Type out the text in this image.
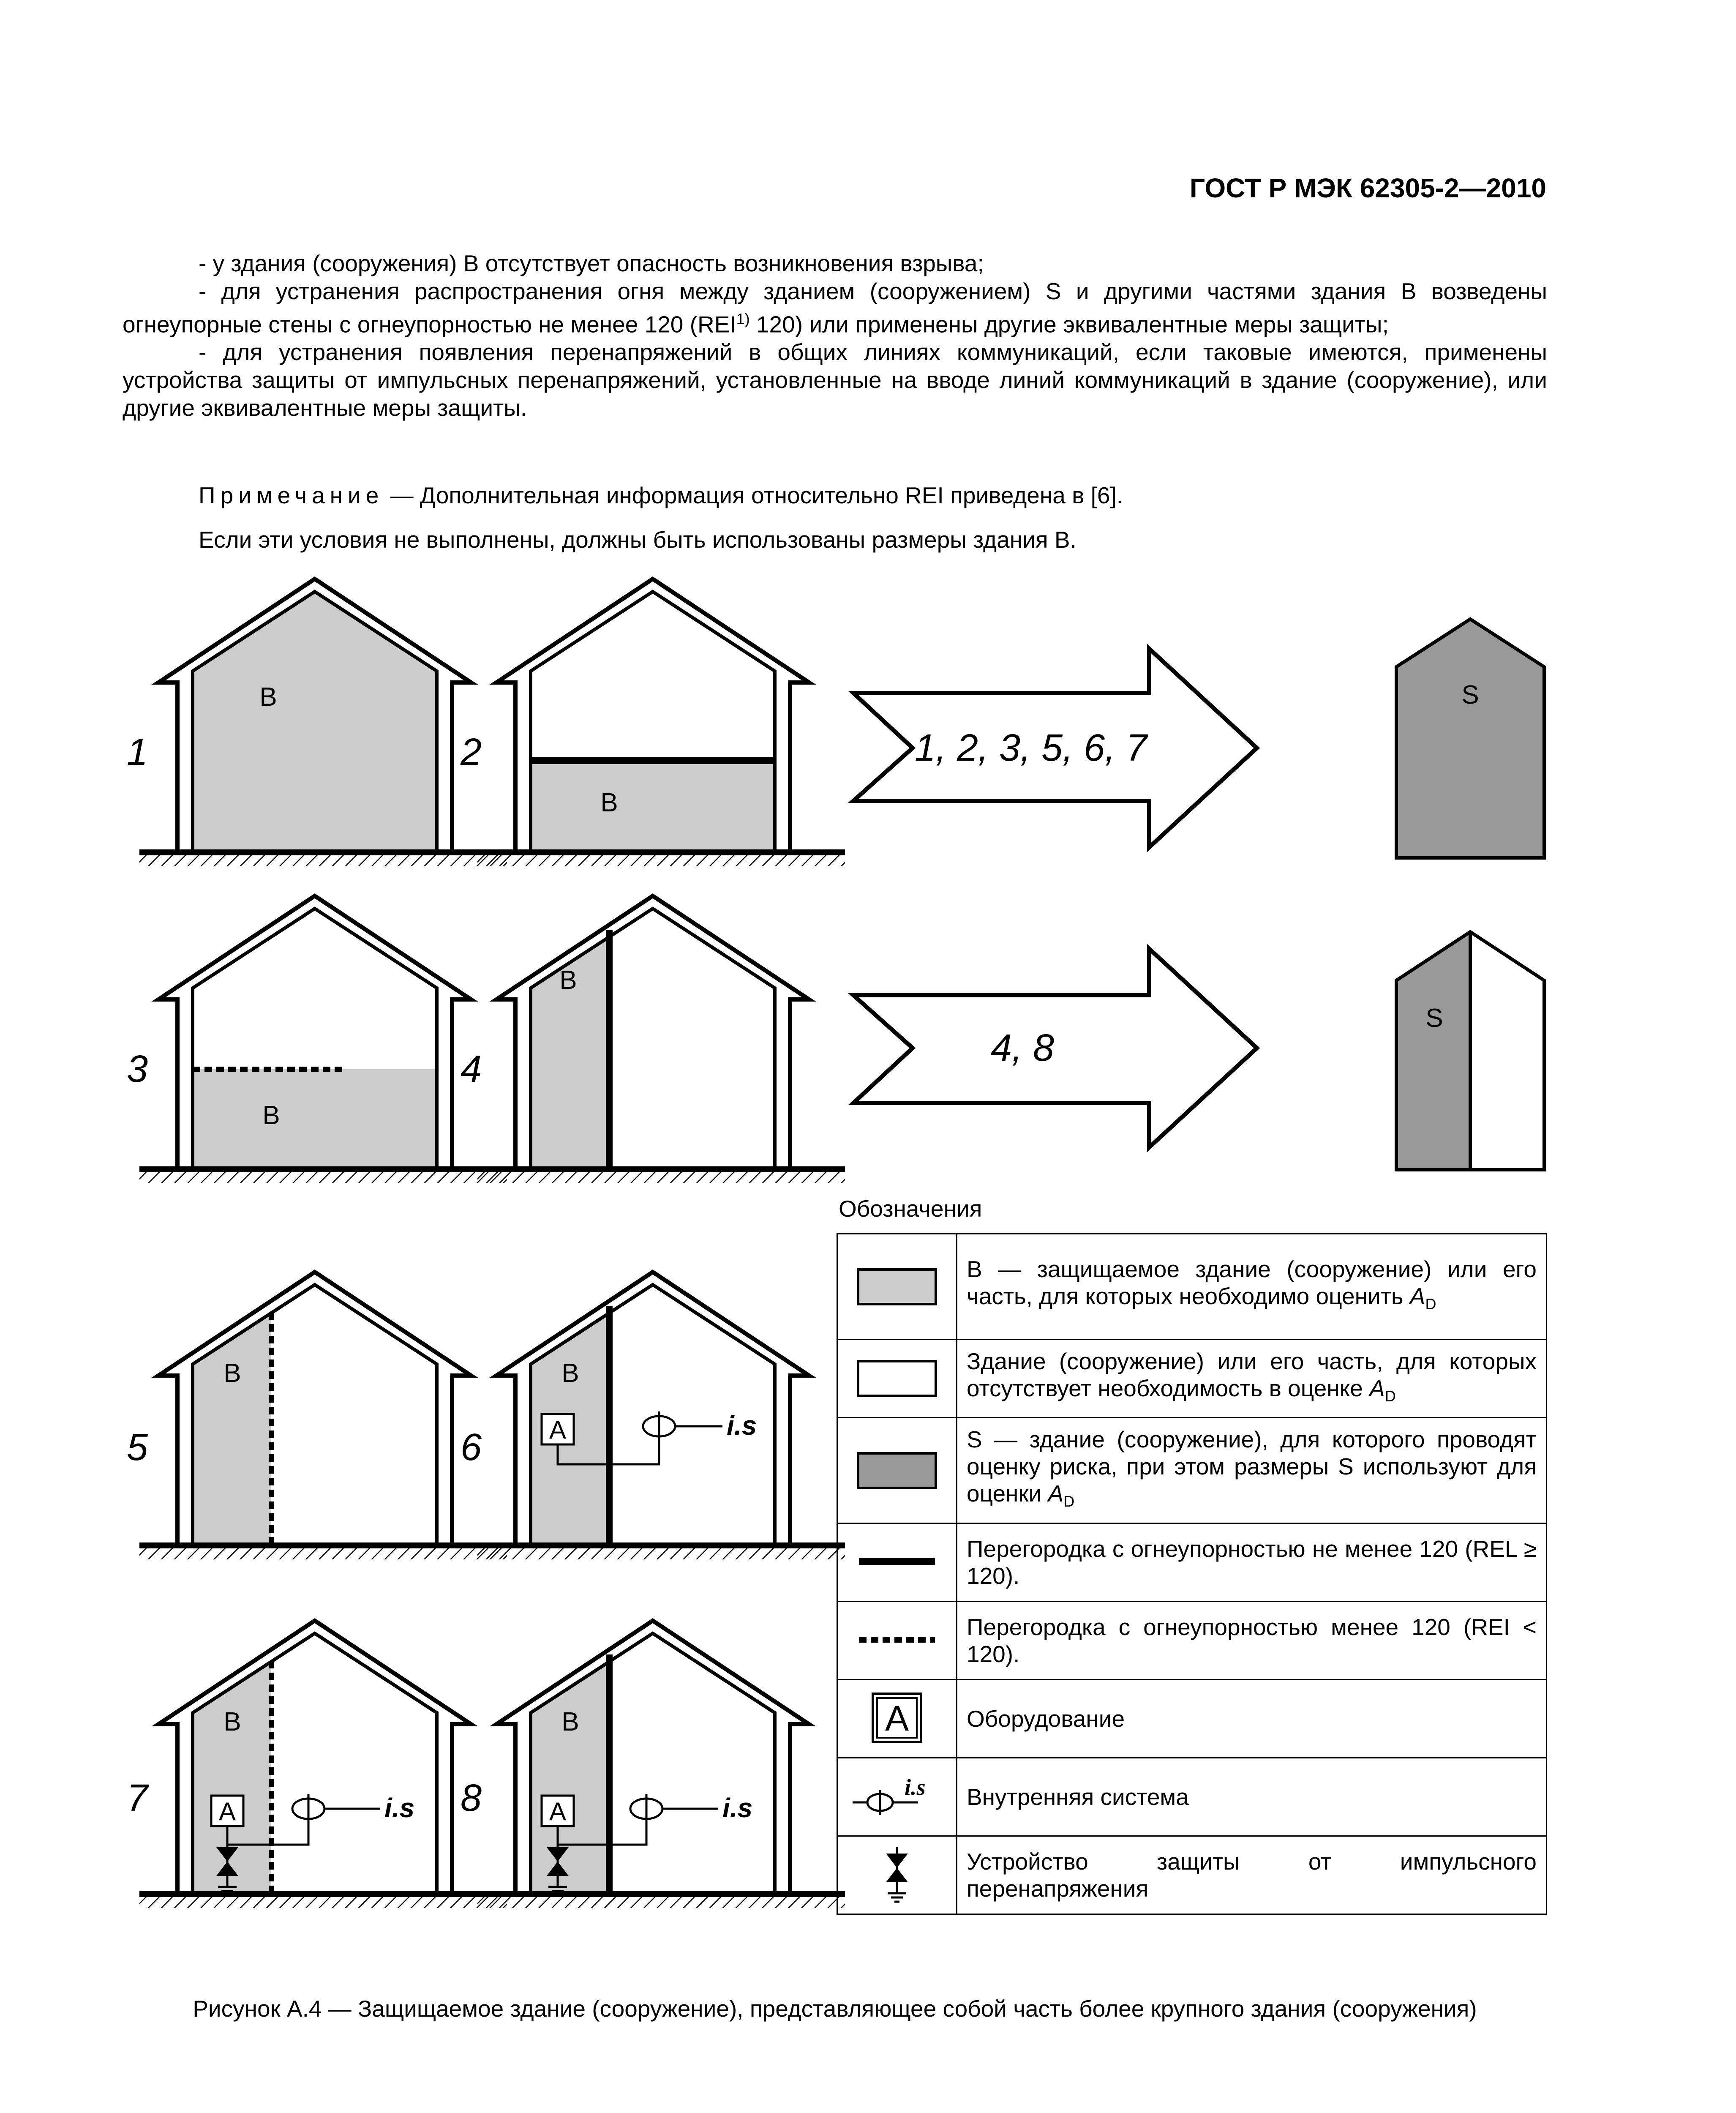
ГОСТ Р МЭК 62305-2—2010

- у здания (сооружения) B отсутствует опасность возникновения взрыва;

- для устранения распространения огня между зданием (сооружением) S и другими частями здания B возведены огнеупорные стены с огнеупорностью не менее 120 (REI$^{1)}$ 120) или применены другие эквивалентные меры защиты;

- для устранения появления перенапряжений в общих линиях коммуникаций, если таковые имеются, применены устройства защиты от импульсных перенапряжений, установленные на вводе линий коммуникаций в здание (сооружение), или другие эквивалентные меры защиты.

Примечание — Дополнительная информация относительно REI приведена в [6].
Если эти условия не выполнены, должны быть использованы размеры здания B.
B
1
B
2	1, 2, 3, 5, 6, 7
S
B
3
B
4	4, 8
S
B
5
B
A	i.s
6
B
A	i.s
7
B
A	i.s
8
Обозначения
	B — защищаемое здание (сооружение) или его часть, для которых необходимо оценить $A_D$
	Здание (сооружение) или его часть, для которых отсутствует необходимость в оценке $A_D$
	S — здание (сооружение), для которого проводят оценку риска, при этом размеры S используют для оценки $A_D$
	Перегородка с огнеупорностью не менее 120 (REL ≥ 120).
	Перегородка с огнеупорностью менее 120 (REI < 120).

A	Оборудование

i.s	Внутренняя система
	Устройство защиты от импульсного перенапряжения
Рисунок А.4 — Защищаемое здание (сооружение), представляющее собой часть более крупного здания (сооружения)
